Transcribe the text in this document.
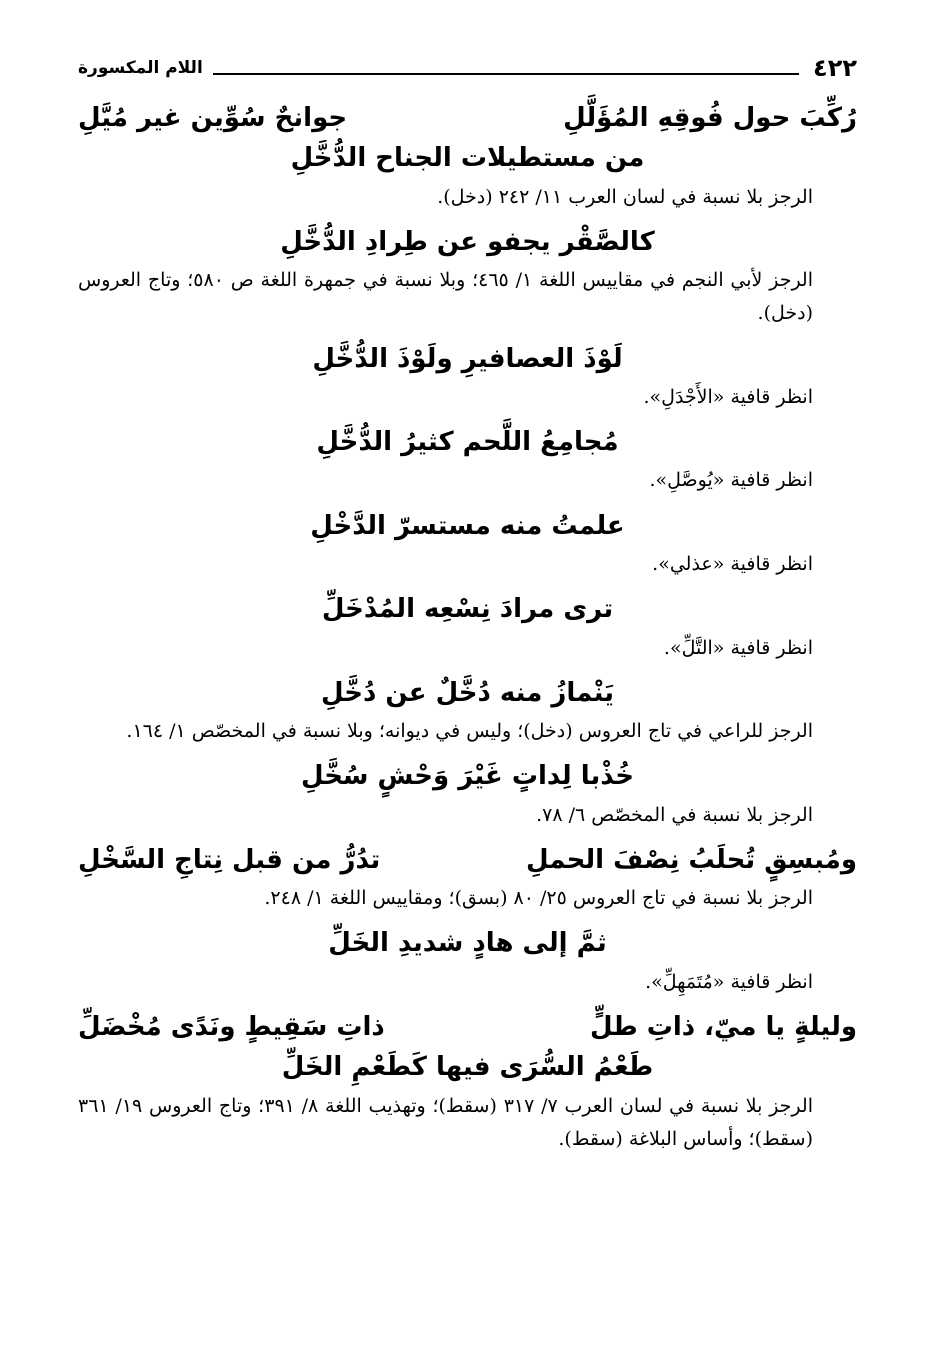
٤٢٢
اللام المكسورة
رُكِّبَ حول فُوقِهِ المُؤَلَّلِ
جوانحٌ سُوِّين غير مُيَّلِ
من مستطيلات الجناح الدُّخَّلِ
الرجز بلا نسبة في لسان العرب ١١/ ٢٤٢ (دخل).
كالصَّقْر يجفو عن طِرادِ الدُّخَّلِ
الرجز لأبي النجم في مقاييس اللغة ١/ ٤٦٥؛ وبلا نسبة في جمهرة اللغة ص ٥٨٠؛ وتاج العروس (دخل).
لَوْذَ العصافيرِ ولَوْذَ الدُّخَّلِ
انظر قافية «الأَجْدَلِ».
مُجامِعُ اللَّحم كثيرُ الدُّخَّلِ
انظر قافية «يُوصَّلِ».
علمتُ منه مستسرّ الدَّخْلِ
انظر قافية «عذلي».
ترى مرادَ نِسْعِه المُدْخَلِّ
انظر قافية «التَّلِّ».
يَنْمازُ منه دُخَّلٌ عن دُخَّلِ
الرجز للراعي في تاج العروس (دخل)؛ وليس في ديوانه؛ وبلا نسبة في المخصّص ١/ ١٦٤.
خُذْبا لِداتٍ غَيْرَ وَحْشٍ سُخَّلِ
الرجز بلا نسبة في المخصّص ٦/ ٧٨.
ومُبسِقٍ تُحلَبُ نِصْفَ الحملِ
تدُرُّ من قبل نِتاجِ السَّخْلِ
الرجز بلا نسبة في تاج العروس ٢٥/ ٨٠ (بسق)؛ ومقاييس اللغة ١/ ٢٤٨.
ثمَّ إلى هادٍ شديدِ الخَلِّ
انظر قافية «مُتَمَهِلِّ».
وليلةٍ يا ميّ، ذاتِ طلٍّ
ذاتِ سَقِيطٍ ونَدًى مُخْضَلِّ
طَعْمُ السُّرَى فيها كَطَعْمِ الخَلِّ
الرجز بلا نسبة في لسان العرب ٧/ ٣١٧ (سقط)؛ وتهذيب اللغة ٨/ ٣٩١؛ وتاج العروس ١٩/ ٣٦١ (سقط)؛ وأساس البلاغة (سقط).
